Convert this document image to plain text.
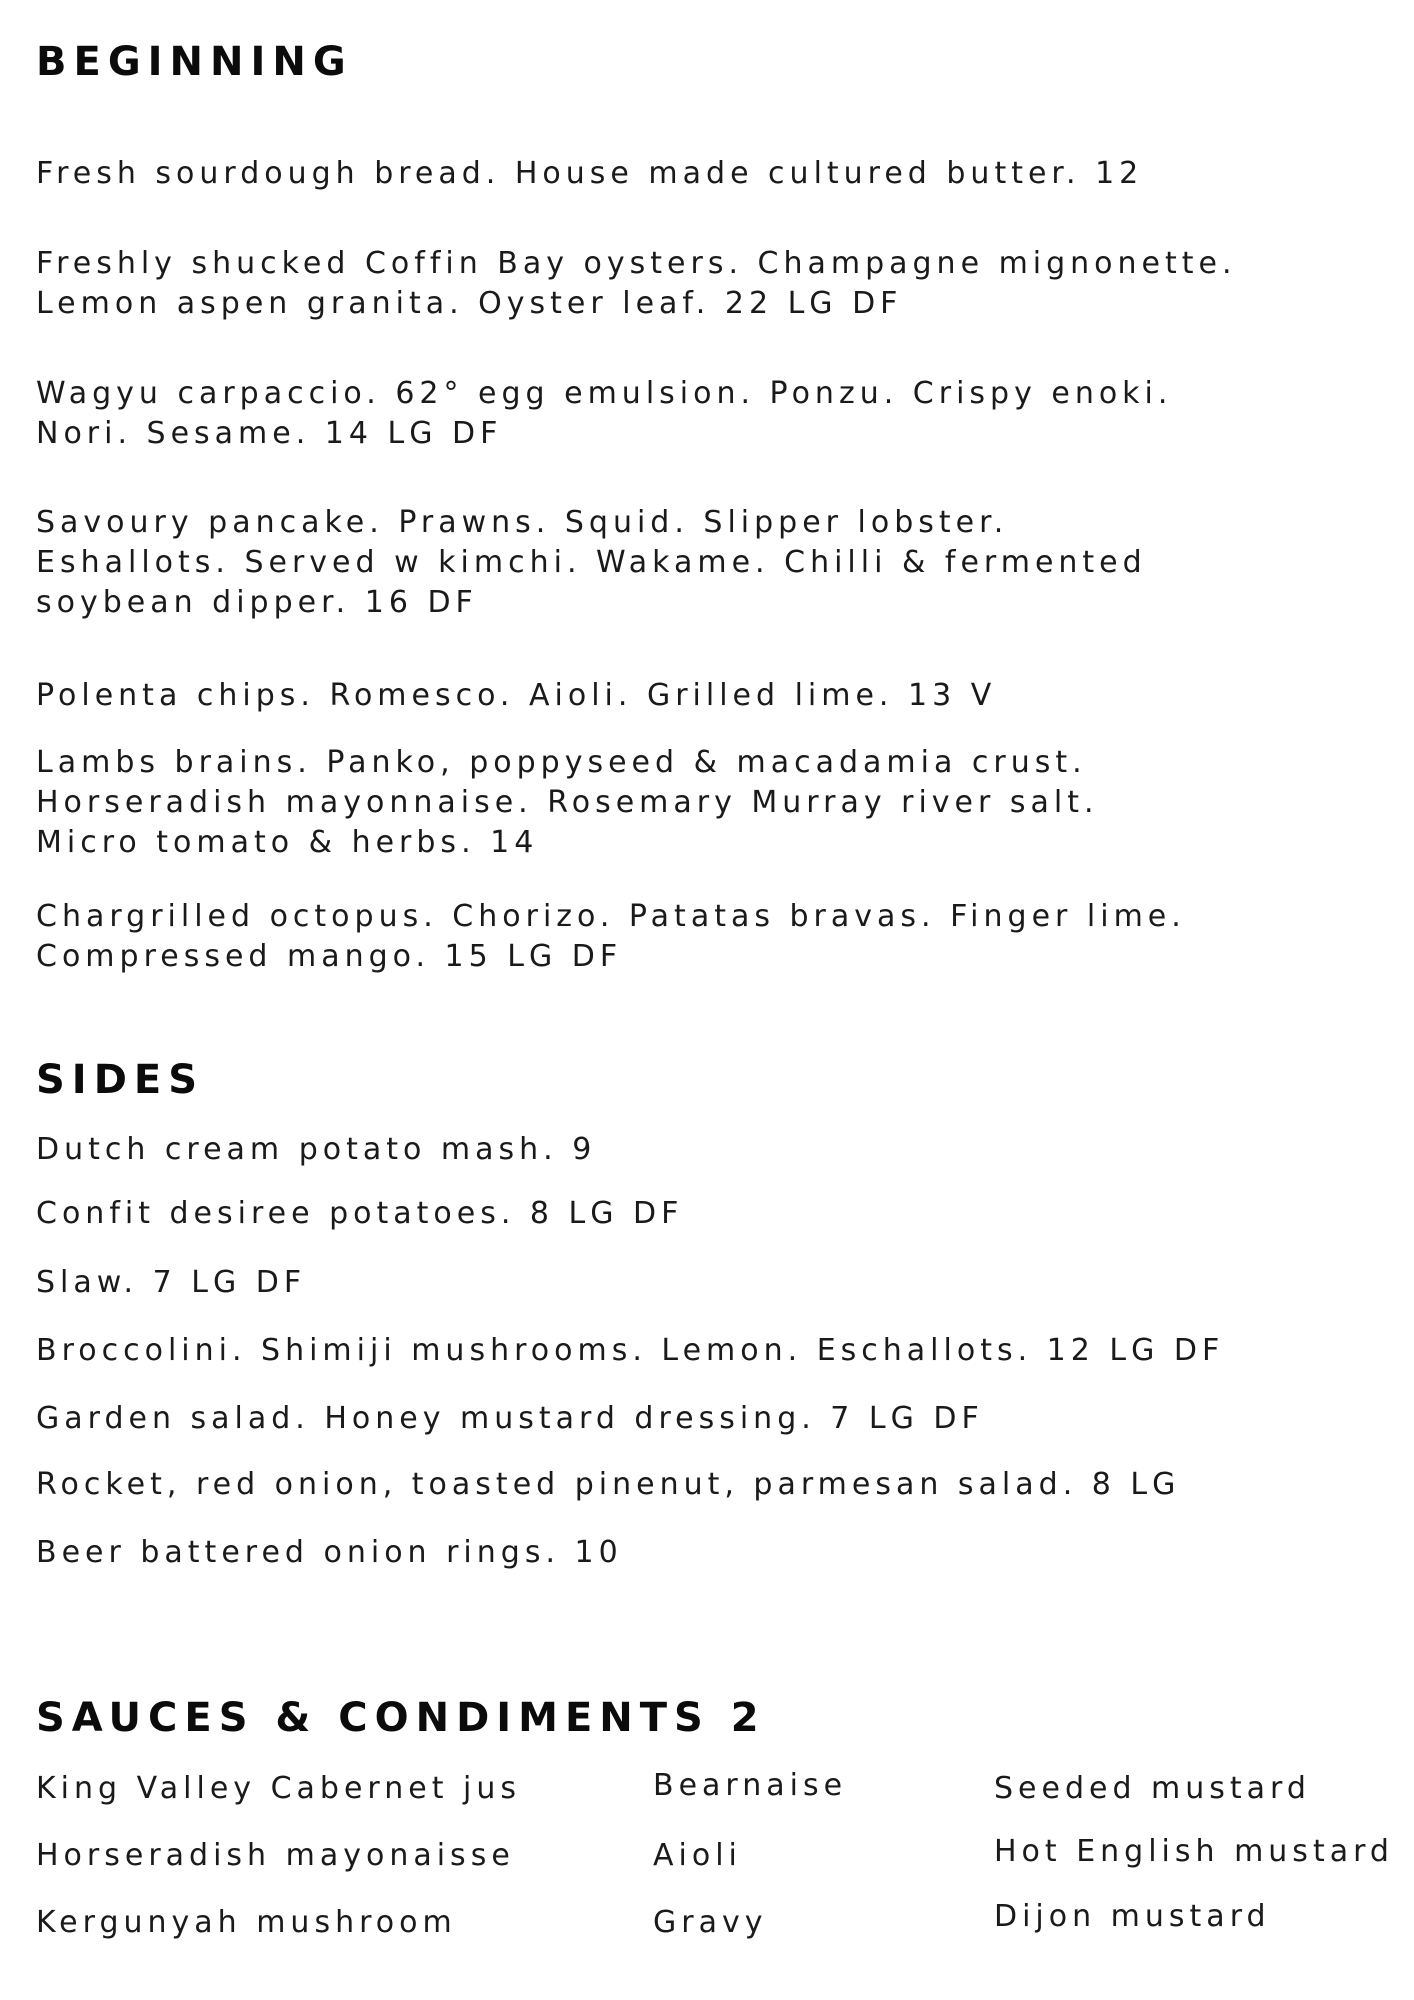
BEGINNING
Fresh sourdough bread. House made cultured butter. 12
Freshly shucked Coffin Bay oysters. Champagne mignonette.
Lemon aspen granita. Oyster leaf. 22 LG DF
Wagyu carpaccio. 62° egg emulsion. Ponzu. Crispy enoki.
Nori. Sesame. 14 LG DF
Savoury pancake. Prawns. Squid. Slipper lobster.
Eshallots. Served w kimchi. Wakame. Chilli & fermented
soybean dipper. 16 DF
Polenta chips. Romesco. Aioli. Grilled lime. 13 V
Lambs brains. Panko, poppyseed & macadamia crust.
Horseradish mayonnaise. Rosemary Murray river salt.
Micro tomato & herbs. 14
Chargrilled octopus. Chorizo. Patatas bravas. Finger lime.
Compressed mango. 15 LG DF
SIDES
Dutch cream potato mash. 9
Confit desiree potatoes. 8 LG DF
Slaw. 7 LG DF
Broccolini. Shimiji mushrooms. Lemon. Eschallots. 12 LG DF
Garden salad. Honey mustard dressing. 7 LG DF
Rocket, red onion, toasted pinenut, parmesan salad. 8 LG
Beer battered onion rings. 10
SAUCES & CONDIMENTS 2
King Valley Cabernet jus
Horseradish mayonaisse
Kergunyah mushroom
Bearnaise
Aioli
Gravy
Seeded mustard
Hot English mustard
Dijon mustard
